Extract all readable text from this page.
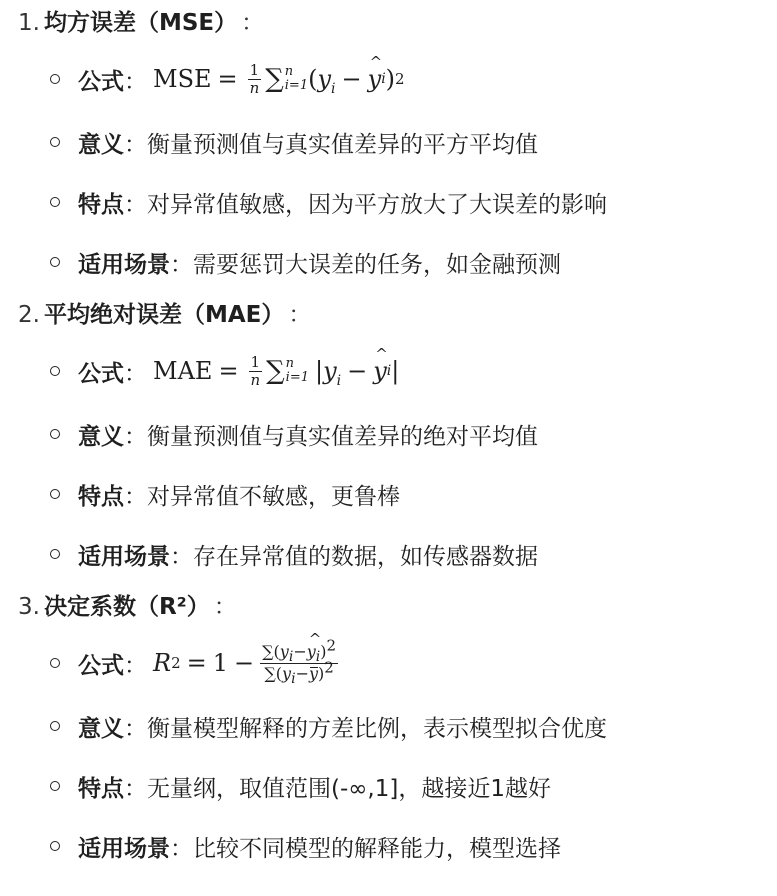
1. 均方误差（MSE） ：
公式 ： MSE = $\frac{1}{n}$ ∑ n
i=1 ( $y_i$ − ^ y i ) 2
意义 ： 衡量预测值与真实值差异的平方平均值
特点 ： 对异常值敏感，因为平方放大了大误差的影响
适用场景 ： 需要惩罚大误差的任务，如金融预测
2. 平均绝对误差（MAE） ：
公式 ： MAE = $\frac{1}{n}$ ∑ n
i=1 | $y_i$ − ^ y i |
意义 ： 衡量预测值与真实值差异的绝对平均值
特点 ： 对异常值不敏感，更鲁棒
适用场景 ： 存在异常值的数据，如传感器数据
3. 决定系数（R²） ：
公式 ： R $2 = 1 - \frac{\sum(yi-\^{} yi)2}{\sum(yi-y)2}$
意义 ： 衡量模型解释的方差比例，表示模型拟合优度
特点 ： 无量纲，取值范围(-∞,1]，越接近1越好
适用场景 ： 比较不同模型的解释能力，模型选择
